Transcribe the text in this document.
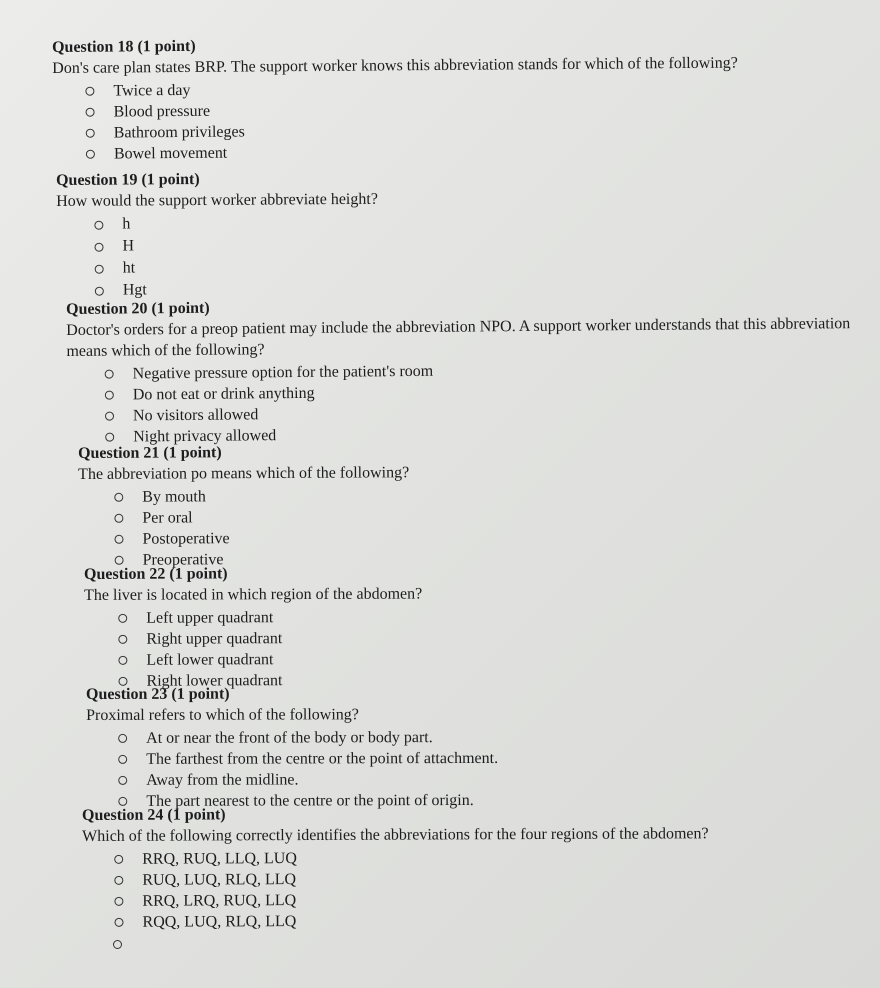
Question 18 (1 point)
Don's care plan states BRP. The support worker knows this abbreviation stands for which of the following?
Twice a day
Blood pressure
Bathroom privileges
Bowel movement
Question 19 (1 point)
How would the support worker abbreviate height?
h
H
ht
Hgt
Question 20 (1 point)
Doctor's orders for a preop patient may include the abbreviation NPO. A support worker understands that this abbreviation means which of the following?
Negative pressure option for the patient's room
Do not eat or drink anything
No visitors allowed
Night privacy allowed
Question 21 (1 point)
The abbreviation po means which of the following?
By mouth
Per oral
Postoperative
Preoperative
Question 22 (1 point)
The liver is located in which region of the abdomen?
Left upper quadrant
Right upper quadrant
Left lower quadrant
Right lower quadrant
Question 23 (1 point)
Proximal refers to which of the following?
At or near the front of the body or body part.
The farthest from the centre or the point of attachment.
Away from the midline.
The part nearest to the centre or the point of origin.
Question 24 (1 point)
Which of the following correctly identifies the abbreviations for the four regions of the abdomen?
RRQ, RUQ, LLQ, LUQ
RUQ, LUQ, RLQ, LLQ
RRQ, LRQ, RUQ, LLQ
RQQ, LUQ, RLQ, LLQ
